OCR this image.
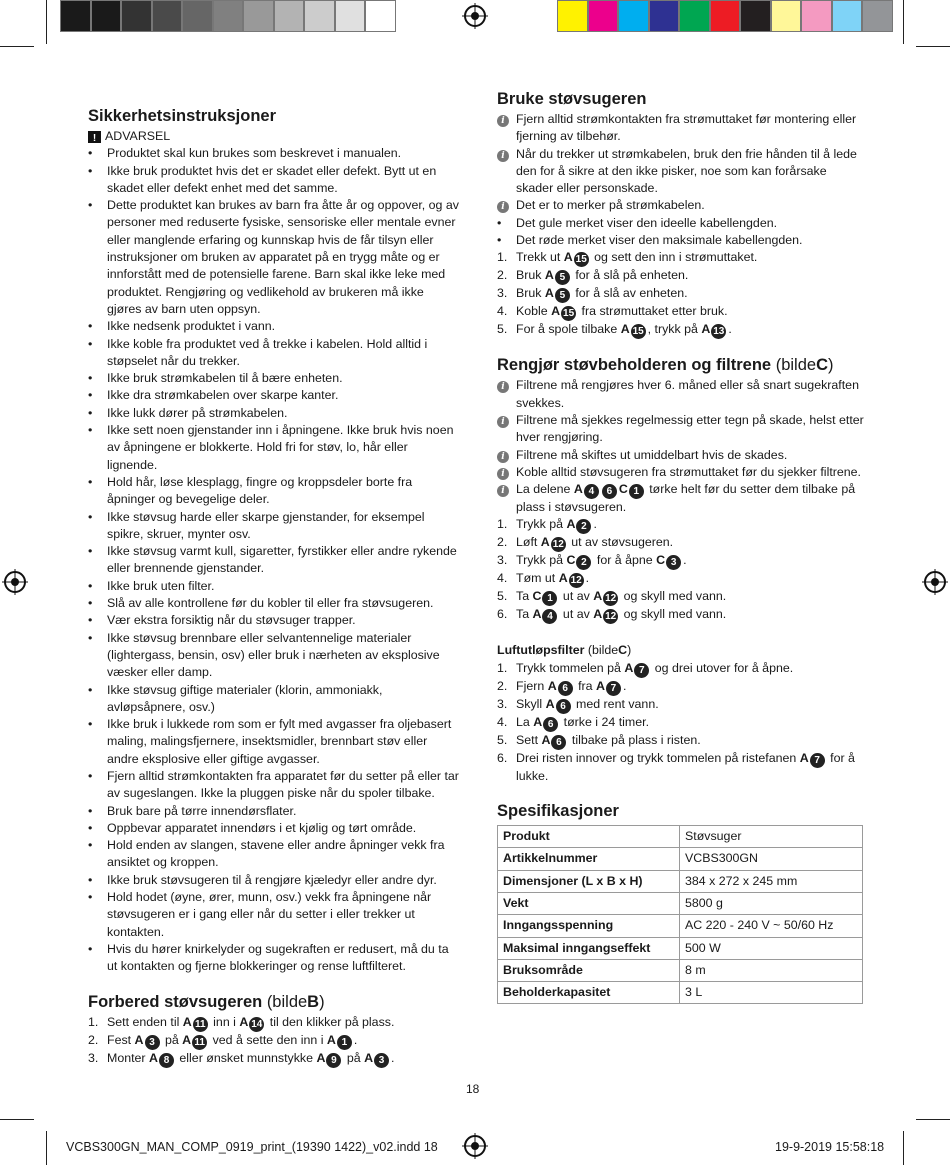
Sikkerhetsinstruksjoner
!
ADVARSEL
• Produktet skal kun brukes som beskrevet i manualen.
• Ikke bruk produktet hvis det er skadet eller defekt. Bytt ut en skadet eller defekt enhet med det samme.
• Dette produktet kan brukes av barn fra åtte år og oppover, og av personer med reduserte fysiske, sensoriske eller mentale evner eller manglende erfaring og kunnskap hvis de får tilsyn eller instruksjoner om bruken av apparatet på en trygg måte og er innforstått med de potensielle farene. Barn skal ikke leke med produktet. Rengjøring og vedlikehold av brukeren må ikke gjøres av barn uten oppsyn.
• Ikke nedsenk produktet i vann.
• Ikke koble fra produktet ved å trekke i kabelen. Hold alltid i støpselet når du trekker.
• Ikke bruk strømkabelen til å bære enheten.
• Ikke dra strømkabelen over skarpe kanter.
• Ikke lukk dører på strømkabelen.
• Ikke sett noen gjenstander inn i åpningene. Ikke bruk hvis noen av åpningene er blokkerte. Hold fri for støv, lo, hår eller lignende.
• Hold hår, løse klesplagg, fingre og kroppsdeler borte fra åpninger og bevegelige deler.
• Ikke støvsug harde eller skarpe gjenstander, for eksempel spikre, skruer, mynter osv.
• Ikke støvsug varmt kull, sigaretter, fyrstikker eller andre rykende eller brennende gjenstander.
• Ikke bruk uten filter.
• Slå av alle kontrollene før du kobler til eller fra støvsugeren.
• Vær ekstra forsiktig når du støvsuger trapper.
• Ikke støvsug brennbare eller selvantennelige materialer (lightergass, bensin, osv) eller bruk i nærheten av eksplosive væsker eller damp.
• Ikke støvsug giftige materialer (klorin, ammoniakk, avløpsåpnere, osv.)
• Ikke bruk i lukkede rom som er fylt med avgasser fra oljebasert maling, malingsfjernere, insektsmidler, brennbart støv eller andre eksplosive eller giftige avgasser.
• Fjern alltid strømkontakten fra apparatet før du setter på eller tar av sugeslangen. Ikke la pluggen piske når du spoler tilbake.
• Bruk bare på tørre innendørsflater.
• Oppbevar apparatet innendørs i et kjølig og tørt område.
• Hold enden av slangen, stavene eller andre åpninger vekk fra ansiktet og kroppen.
• Ikke bruk støvsugeren til å rengjøre kjæledyr eller andre dyr.
• Hold hodet (øyne, ører, munn, osv.) vekk fra åpningene når støvsugeren er i gang eller når du setter i eller trekker ut kontakten.
• Hvis du hører knirkelyder og sugekraften er redusert, må du ta ut kontakten og fjerne blokkeringer og rense luftfilteret.
Forbered støvsugeren (bildeB)
1. Sett enden til A 11 inn i A 14 til den klikker på plass.
2. Fest A 3 på A 11 ved å sette den inn i A 1 .
3. Monter A 8 eller ønsket munnstykke A 9 på A 3 .
Bruke støvsugeren
i Fjern alltid strømkontakten fra strømuttaket før montering eller fjerning av tilbehør.
i Når du trekker ut strømkabelen, bruk den frie hånden til å lede den for å sikre at den ikke pisker, noe som kan forårsake skader eller personskade.
i Det er to merker på strømkabelen.
• Det gule merket viser den ideelle kabellengden.
• Det røde merket viser den maksimale kabellengden.
1. Trekk ut A 15 og sett den inn i strømuttaket.
2. Bruk A 5 for å slå på enheten.
3. Bruk A 5 for å slå av enheten.
4. Koble A 15 fra strømuttaket etter bruk.
5. For å spole tilbake A 15 , trykk på A 13 .
Rengjør støvbeholderen og filtrene (bildeC)
i Filtrene må rengjøres hver 6. måned eller så snart sugekraften svekkes.
i Filtrene må sjekkes regelmessig etter tegn på skade, helst etter hver rengjøring.
i Filtrene må skiftes ut umiddelbart hvis de skades.
i Koble alltid støvsugeren fra strømuttaket før du sjekker filtrene.
i La delene A 4 6 C 1 tørke helt før du setter dem tilbake på plass i støvsugeren.
1. Trykk på A 2 .
2. Løft A 12 ut av støvsugeren.
3. Trykk på C 2 for å åpne C 3 .
4. Tøm ut A 12 .
5. Ta C 1 ut av A 12 og skyll med vann.
6. Ta A 4 ut av A 12 og skyll med vann.
Luftutløpsfilter (bildeC)
1. Trykk tommelen på A 7 og drei utover for å åpne.
2. Fjern A 6 fra A 7 .
3. Skyll A 6 med rent vann.
4. La A 6 tørke i 24 timer.
5. Sett A 6 tilbake på plass i risten.
6. Drei risten innover og trykk tommelen på ristefanen A 7 for å lukke.
Spesifikasjoner
Produkt	Støvsuger
Artikkelnummer	VCBS300GN
Dimensjoner (L x B x H)	384 x 272 x 245 mm
Vekt	5800 g
Inngangsspenning	AC 220 - 240 V ~ 50/60 Hz
Maksimal inngangseffekt	500 W
Bruksområde	8 m
Beholderkapasitet	3 L
18
VCBS300GN_MAN_COMP_0919_print_(19390 1422)_v02.indd 18	19-9-2019 15:58:18
